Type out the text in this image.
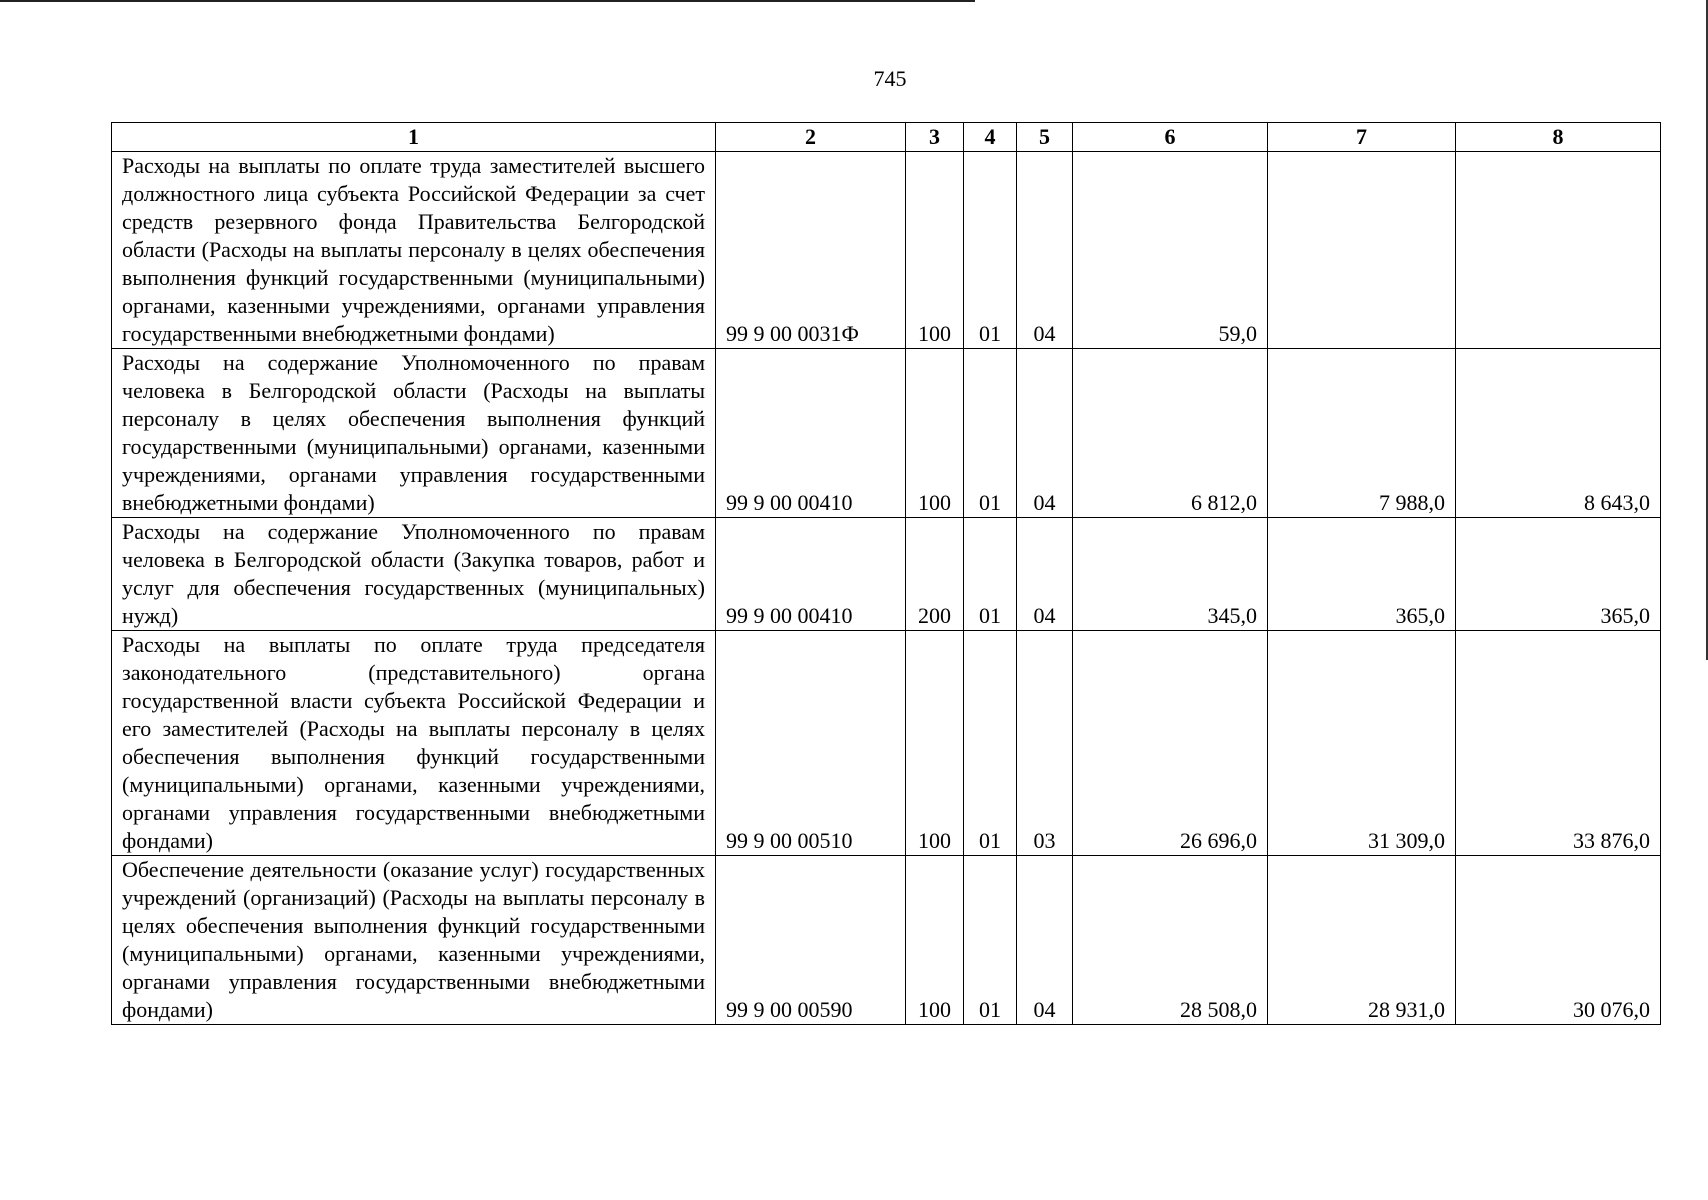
745
1	2	3	4	5	6	7	8
Расходы на выплаты по оплате труда заместителей высшего должностного лица субъекта Российской Федерации за счет средств резервного фонда Правительства Белгородской области (Расходы на выплаты персоналу в целях обеспечения выполнения функций государственными (муниципальными) органами, казенными учреждениями, органами управления государственными внебюджетными фондами)	99 9 00 0031Ф	100	01	04	59,0		
Расходы на содержание Уполномоченного по правам человека в Белгородской области (Расходы на выплаты персоналу в целях обеспечения выполнения функций государственными (муниципальными) органами, казенными учреждениями, органами управления государственными внебюджетными фондами)	99 9 00 00410	100	01	04	6 812,0	7 988,0	8 643,0
Расходы на содержание Уполномоченного по правам человека в Белгородской области (Закупка товаров, работ и услуг для обеспечения государственных (муниципальных) нужд)	99 9 00 00410	200	01	04	345,0	365,0	365,0
Расходы на выплаты по оплате труда председателя законодательного (представительного) органа государственной власти субъекта Российской Федерации и его заместителей (Расходы на выплаты персоналу в целях обеспечения выполнения функций государственными (муниципальными) органами, казенными учреждениями, органами управления государственными внебюджетными фондами)	99 9 00 00510	100	01	03	26 696,0	31 309,0	33 876,0
Обеспечение деятельности (оказание услуг) государственных учреждений (организаций) (Расходы на выплаты персоналу в целях обеспечения выполнения функций государственными (муниципальными) органами, казенными учреждениями, органами управления государственными внебюджетными фондами)	99 9 00 00590	100	01	04	28 508,0	28 931,0	30 076,0
